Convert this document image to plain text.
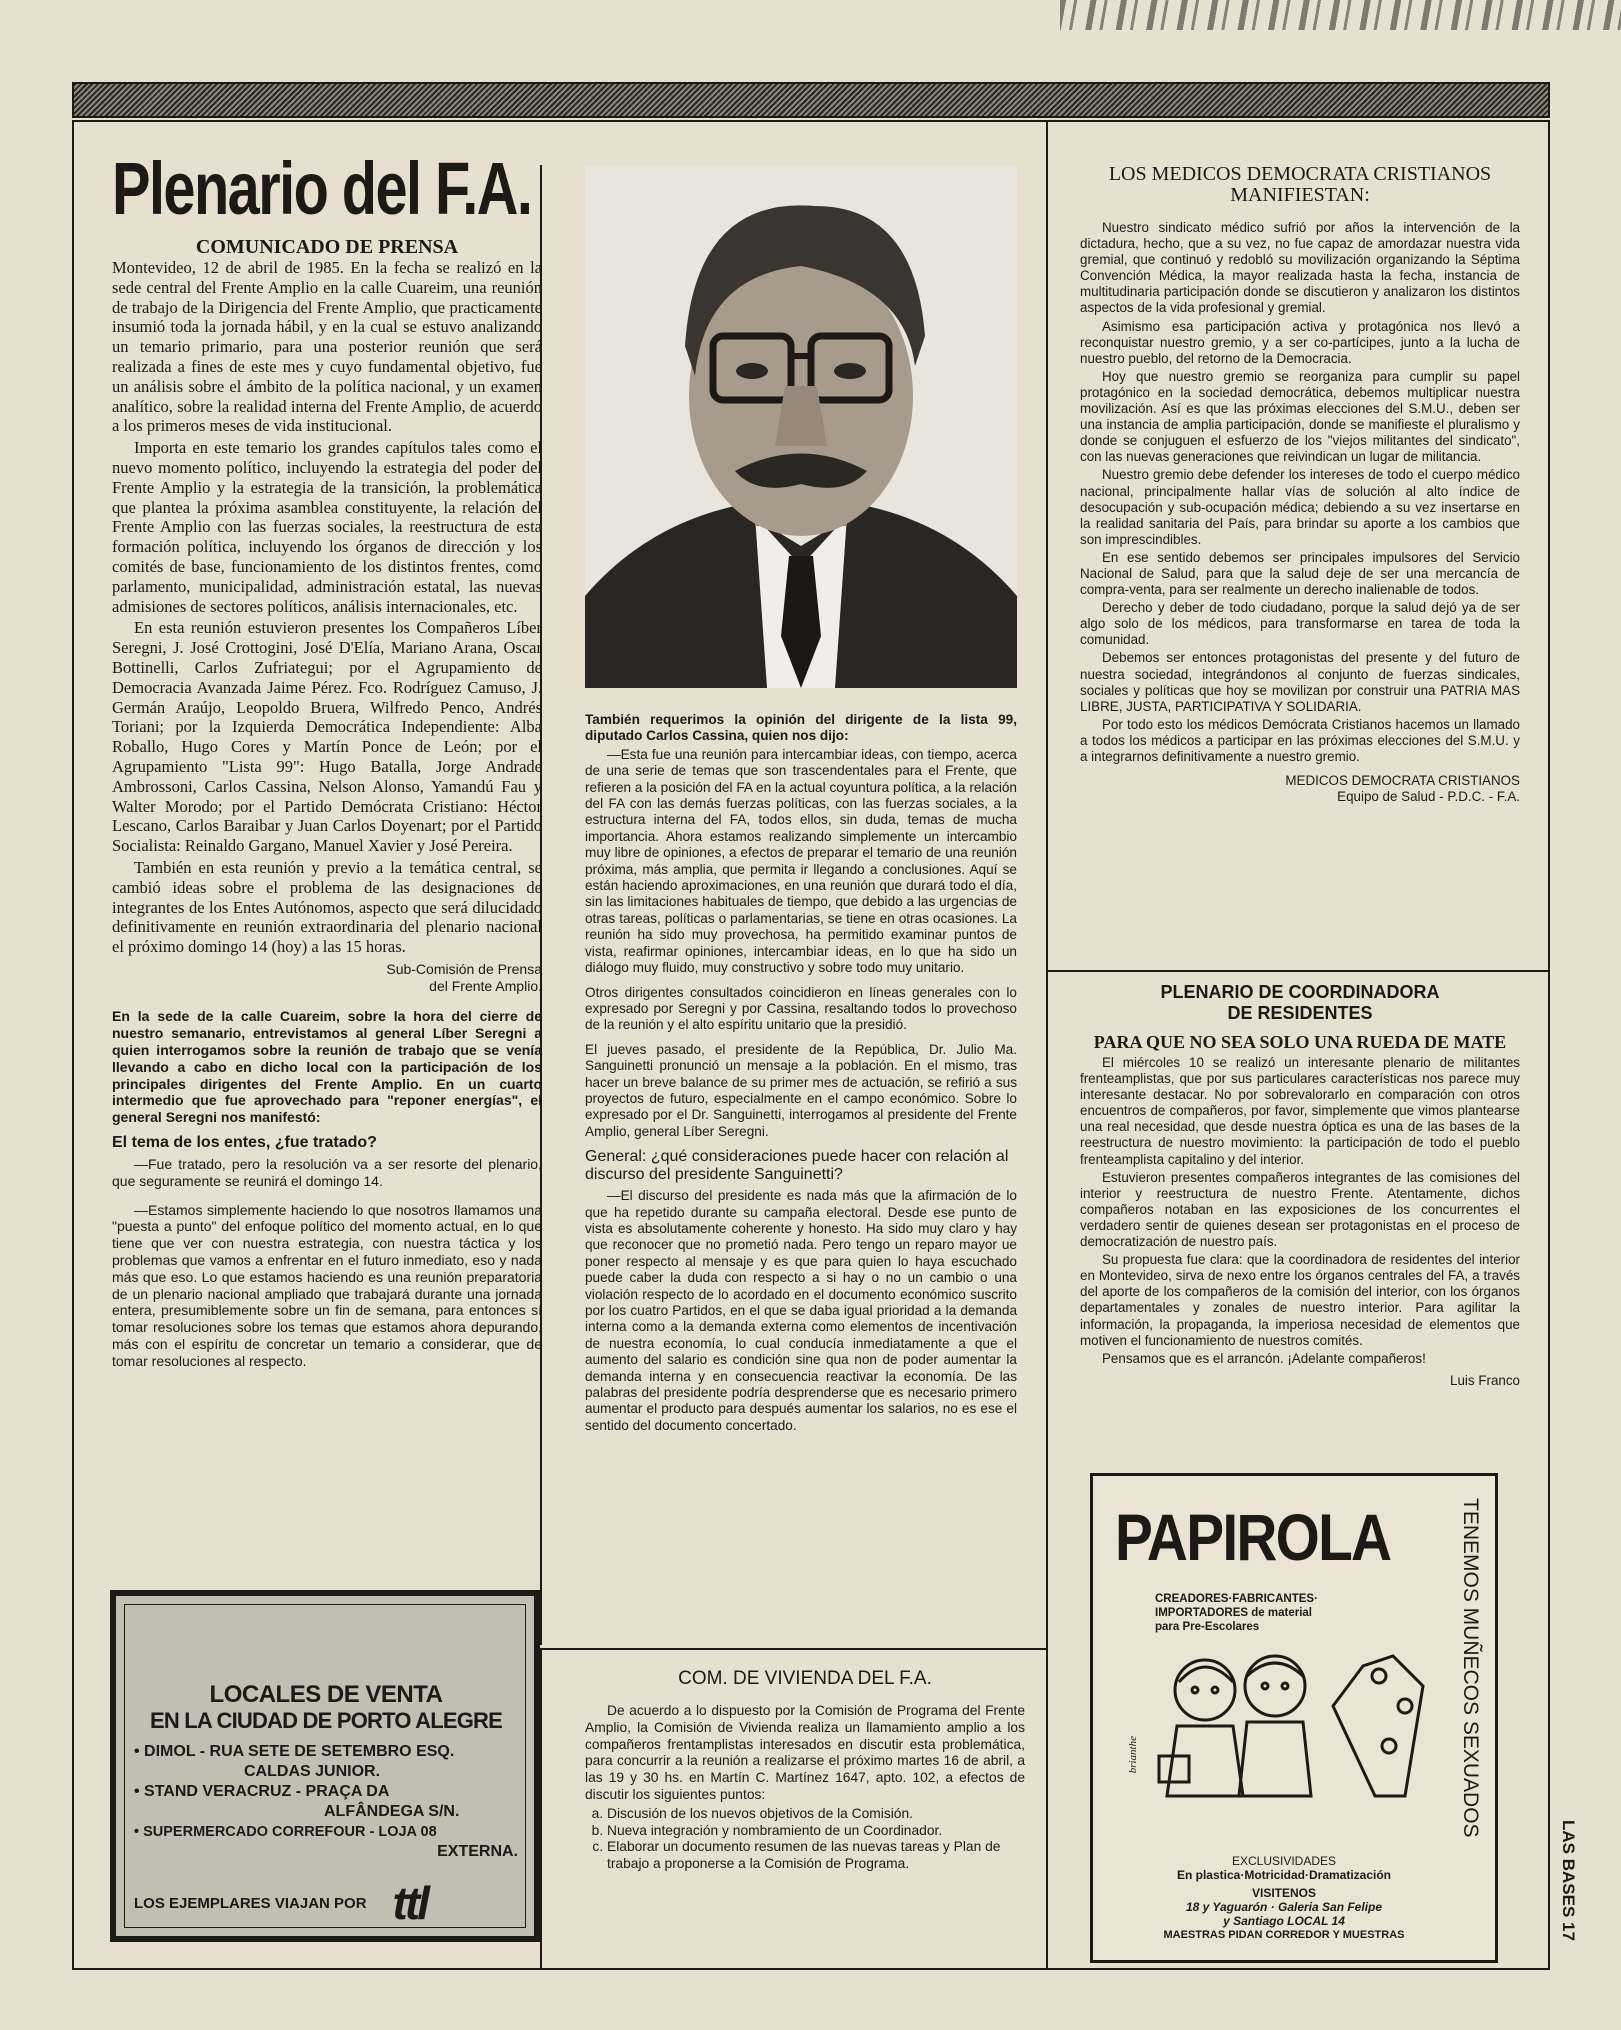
Plenario del F.A.

COMUNICADO DE PRENSA

Montevideo, 12 de abril de 1985. En la fecha se realizó en la sede central del Frente Amplio en la calle Cuareim, una reunión de trabajo de la Dirigencia del Frente Amplio, que practicamente insumió toda la jornada hábil, y en la cual se estuvo analizando un temario primario, para una posterior reunión que será realizada a fines de este mes y cuyo fundamental objetivo, fue un análisis sobre el ámbito de la política nacional, y un examen analítico, sobre la realidad interna del Frente Amplio, de acuerdo a los primeros meses de vida institucional.

Importa en este temario los grandes capítulos tales como el nuevo momento político, incluyendo la estrategia del poder del Frente Amplio y la estrategia de la transición, la problemática que plantea la próxima asamblea constituyente, la relación del Frente Amplio con las fuerzas sociales, la reestructura de esta formación política, incluyendo los órganos de dirección y los comités de base, funcionamiento de los distintos frentes, como parlamento, municipalidad, administración estatal, las nuevas admisiones de sectores políticos, análisis internacionales, etc.

En esta reunión estuvieron presentes los Compañeros Líber Seregni, J. José Crottogini, José D'Elía, Mariano Arana, Oscar Bottinelli, Carlos Zufriategui; por el Agrupamiento de Democracia Avanzada Jaime Pérez. Fco. Rodríguez Camuso, J. Germán Araújo, Leopoldo Bruera, Wilfredo Penco, Andrés Toriani; por la Izquierda Democrática Independiente: Alba Roballo, Hugo Cores y Martín Ponce de León; por el Agrupamiento "Lista 99": Hugo Batalla, Jorge Andrade Ambrossoni, Carlos Cassina, Nelson Alonso, Yamandú Fau y Walter Morodo; por el Partido Demócrata Cristiano: Héctor Lescano, Carlos Baraibar y Juan Carlos Doyenart; por el Partido Socialista: Reinaldo Gargano, Manuel Xavier y José Pereira.

También en esta reunión y previo a la temática central, se cambió ideas sobre el problema de las designaciones de integrantes de los Entes Autónomos, aspecto que será dilucidado definitivamente en reunión extraordinaria del plenario nacional el próximo domingo 14 (hoy) a las 15 horas.

Sub-Comisión de Prensa

del Frente Amplio.

En la sede de la calle Cuareim, sobre la hora del cierre de nuestro semanario, entrevistamos al general Líber Seregni a quien interrogamos sobre la reunión de trabajo que se venía llevando a cabo en dicho local con la participación de los principales dirigentes del Frente Amplio. En un cuarto intermedio que fue aprovechado para "reponer energías", el general Seregni nos manifestó:

El tema de los entes, ¿fue tratado?

—Fue tratado, pero la resolución va a ser resorte del plenario, que seguramente se reunirá el domingo 14.

—Estamos simplemente haciendo lo que nosotros llamamos una "puesta a punto" del enfoque político del momento actual, en lo que tiene que ver con nuestra estrategia, con nuestra táctica y los problemas que vamos a enfrentar en el futuro inmediato, eso y nada más que eso. Lo que estamos haciendo es una reunión preparatoria de un plenario nacional ampliado que trabajará durante una jornada entera, presumiblemente sobre un fin de semana, para entonces sí tomar resoluciones sobre los temas que estamos ahora depurando, más con el espíritu de concretar un temario a considerar, que de tomar resoluciones al respecto.

También requerimos la opinión del dirigente de la lista 99, diputado Carlos Cassina, quien nos dijo:

—Esta fue una reunión para intercambiar ideas, con tiempo, acerca de una serie de temas que son trascendentales para el Frente, que refieren a la posición del FA en la actual coyuntura política, a la relación del FA con las demás fuerzas políticas, con las fuerzas sociales, a la estructura interna del FA, todos ellos, sin duda, temas de mucha importancia. Ahora estamos realizando simplemente un intercambio muy libre de opiniones, a efectos de preparar el temario de una reunión próxima, más amplia, que permita ir llegando a conclusiones. Aquí se están haciendo aproximaciones, en una reunión que durará todo el día, sin las limitaciones habituales de tiempo, que debido a las urgencias de otras tareas, políticas o parlamentarias, se tiene en otras ocasiones. La reunión ha sido muy provechosa, ha permitido examinar puntos de vista, reafirmar opiniones, intercambiar ideas, en lo que ha sido un diálogo muy fluido, muy constructivo y sobre todo muy unitario.

Otros dirigentes consultados coincidieron en líneas generales con lo expresado por Seregni y por Cassina, resaltando todos lo provechoso de la reunión y el alto espíritu unitario que la presidió.

El jueves pasado, el presidente de la República, Dr. Julio Ma. Sanguinetti pronunció un mensaje a la población. En el mismo, tras hacer un breve balance de su primer mes de actuación, se refirió a sus proyectos de futuro, especialmente en el campo económico. Sobre lo expresado por el Dr. Sanguinetti, interrogamos al presidente del Frente Amplio, general Líber Seregni.

General: ¿qué consideraciones puede hacer con relación al discurso del presidente Sanguinetti?

—El discurso del presidente es nada más que la afirmación de lo que ha repetido durante su campaña electoral. Desde ese punto de vista es absolutamente coherente y honesto. Ha sido muy claro y hay que reconocer que no prometió nada. Pero tengo un reparo mayor ue poner respecto al mensaje y es que para quien lo haya escuchado puede caber la duda con respecto a si hay o no un cambio o una violación respecto de lo acordado en el documento económico suscrito por los cuatro Partidos, en el que se daba igual prioridad a la demanda interna como a la demanda externa como elementos de incentivación de nuestra economía, lo cual conducía inmediatamente a que el aumento del salario es condición sine qua non de poder aumentar la demanda interna y en consecuencia reactivar la economía. De las palabras del presidente podría desprenderse que es necesario primero aumentar el producto para después aumentar los salarios, no es ese el sentido del documento concertado.

LOS MEDICOS DEMOCRATA CRISTIANOS MANIFIESTAN:

Nuestro sindicato médico sufrió por años la intervención de la dictadura, hecho, que a su vez, no fue capaz de amordazar nuestra vida gremial, que continuó y redobló su movilización organizando la Séptima Convención Médica, la mayor realizada hasta la fecha, instancia de multitudinaria participación donde se discutieron y analizaron los distintos aspectos de la vida profesional y gremial.

Asimismo esa participación activa y protagónica nos llevó a reconquistar nuestro gremio, y a ser co-partícipes, junto a la lucha de nuestro pueblo, del retorno de la Democracia.

Hoy que nuestro gremio se reorganiza para cumplir su papel protagónico en la sociedad democrática, debemos multiplicar nuestra movilización. Así es que las próximas elecciones del S.M.U., deben ser una instancia de amplia participación, donde se manifieste el pluralismo y donde se conjuguen el esfuerzo de los "viejos militantes del sindicato", con las nuevas generaciones que reivindican un lugar de militancia.

Nuestro gremio debe defender los intereses de todo el cuerpo médico nacional, principalmente hallar vías de solución al alto índice de desocupación y sub-ocupación médica; debiendo a su vez insertarse en la realidad sanitaria del País, para brindar su aporte a los cambios que son imprescindibles.

En ese sentido debemos ser principales impulsores del Servicio Nacional de Salud, para que la salud deje de ser una mercancía de compra-venta, para ser realmente un derecho inalienable de todos.

Derecho y deber de todo ciudadano, porque la salud dejó ya de ser algo solo de los médicos, para transformarse en tarea de toda la comunidad.

Debemos ser entonces protagonistas del presente y del futuro de nuestra sociedad, integrándonos al conjunto de fuerzas sindicales, sociales y políticas que hoy se movilizan por construir una PATRIA MAS LIBRE, JUSTA, PARTICIPATIVA Y SOLIDARIA.

Por todo esto los médicos Demócrata Cristianos hacemos un llamado a todos los médicos a participar en las próximas elecciones del S.M.U. y a integrarnos definitivamente a nuestro gremio.

MEDICOS DEMOCRATA CRISTIANOS

Equipo de Salud - P.D.C. - F.A.

PLENARIO DE COORDINADORA DE RESIDENTES

PARA QUE NO SEA SOLO UNA RUEDA DE MATE

El miércoles 10 se realizó un interesante plenario de militantes frenteamplistas, que por sus particulares características nos parece muy interesante destacar. No por sobrevalorarlo en comparación con otros encuentros de compañeros, por favor, simplemente que vimos plantearse una real necesidad, que desde nuestra óptica es una de las bases de la reestructura de nuestro movimiento: la participación de todo el pueblo frenteamplista capitalino y del interior.

Estuvieron presentes compañeros integrantes de las comisiones del interior y reestructura de nuestro Frente. Atentamente, dichos compañeros notaban en las exposiciones de los concurrentes el verdadero sentir de quienes desean ser protagonistas en el proceso de democratización de nuestro país.

Su propuesta fue clara: que la coordinadora de residentes del interior en Montevideo, sirva de nexo entre los órganos centrales del FA, a través del aporte de los compañeros de la comisión del interior, con los órganos departamentales y zonales de nuestro interior. Para agilitar la información, la propaganda, la imperiosa necesidad de elementos que motiven el funcionamiento de nuestros comités.

Pensamos que es el arrancón. ¡Adelante compañeros!

Luis Franco

COM. DE VIVIENDA DEL F.A.

De acuerdo a lo dispuesto por la Comisión de Programa del Frente Amplio, la Comisión de Vivienda realiza un llamamiento amplio a los compañeros frentamplistas interesados en discutir esta problemática, para concurrir a la reunión a realizarse el próximo martes 16 de abril, a las 19 y 30 hs. en Martín C. Martínez 1647, apto. 102, a efectos de discutir los siguientes puntos:

a. Discusión de los nuevos objetivos de la Comisión.
b. Nueva integración y nombramiento de un Coordinador.
c. Elaborar un documento resumen de las nuevas tareas y Plan de trabajo a proponerse a la Comisión de Programa.
LOCALES DE VENTA
EN LA CIUDAD DE PORTO ALEGRE
• DIMOL - RUA SETE DE SETEMBRO ESQ.
CALDAS JUNIOR.
• STAND VERACRUZ - PRAÇA DA
ALFÂNDEGA S/N.
• SUPERMERCADO CORREFOUR - LOJA 08
EXTERNA.
LOS EJEMPLARES VIAJAN POR ttl
PAPIROLA
CREADORES·FABRICANTES·
IMPORTADORES de material
para Pre-Escolares	TENEMOS MUÑECOS SEXUADOS
brianthe
EXCLUSIVIDADES
En plastica·Motricidad·Dramatización
VISITENOS
18 y Yaguarón · Galeria San Felipe
y Santiago LOCAL 14
MAESTRAS PIDAN CORREDOR Y MUESTRAS	LAS BASES 17
